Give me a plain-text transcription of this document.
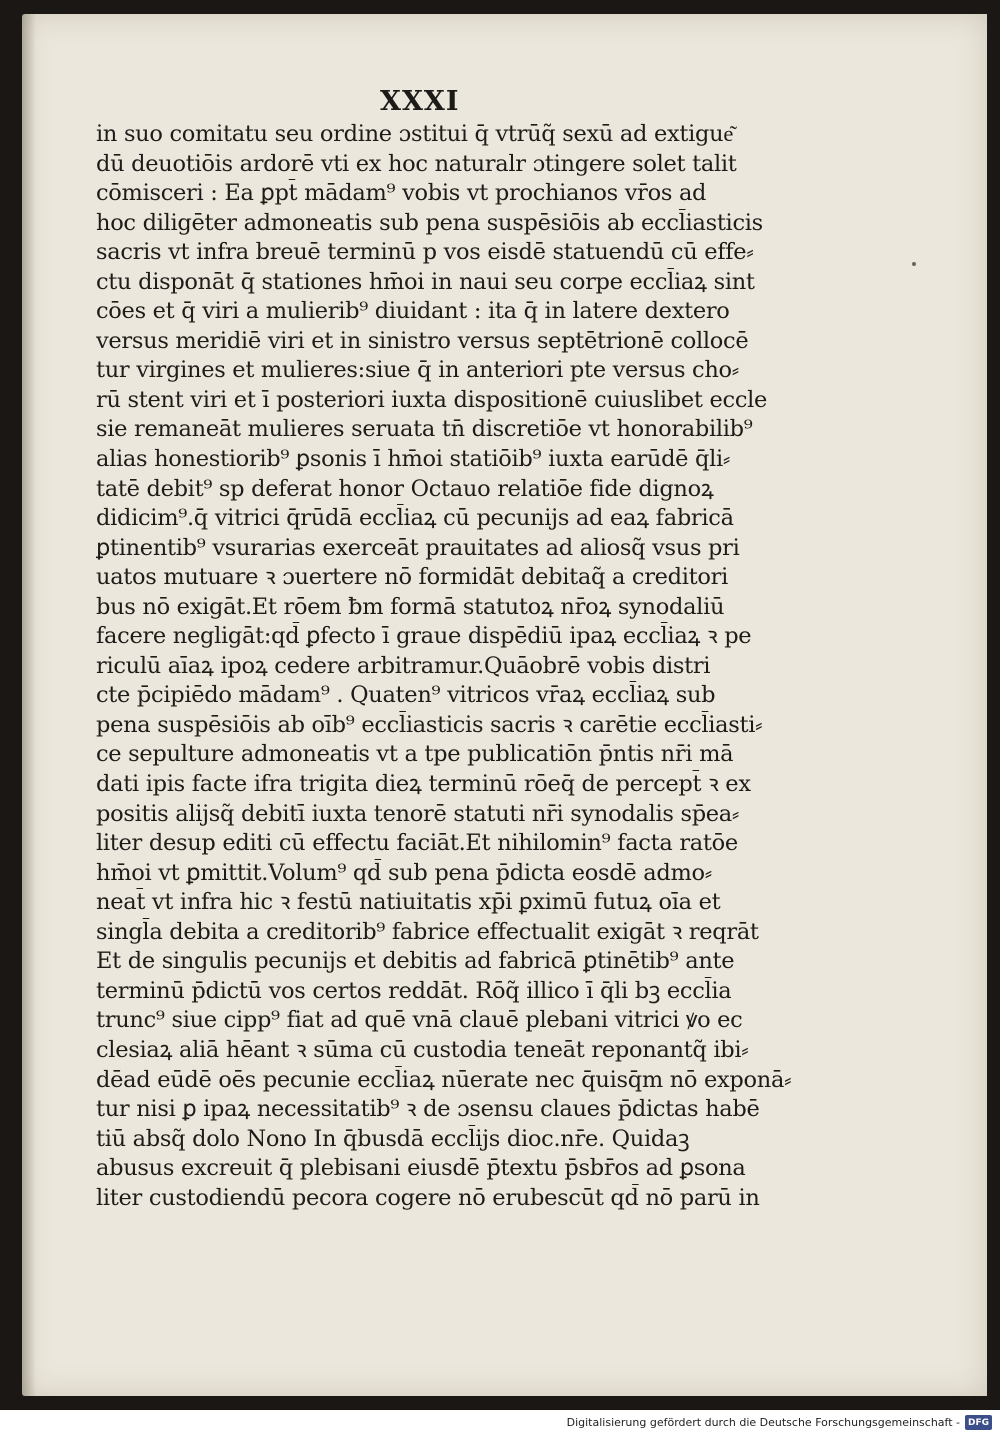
XXXI
in suo comitatu seu ordine ɔstitui q̄ vtrūq̃ sexū ad extigue͂
dū deuotiōis ardorē vti ex hoc naturalr ɔtingere solet talit
cōmisceri : Ea ꝑpt̄ mādam⁹ vobis vt prochianos vr̄os ad
hoc diligēter admoneatis sub pena suspēsiōis ab eccl̄iasticis
sacris vt infra breuē terminū p vos eisdē statuendū cū effe⸗
ctu disponāt q̄ stationes hm̄oi in naui seu corpe eccl̄iaꝝ sint
cōes et q̄ viri a mulierib⁹ diuidant : ita q̄ in latere dextero
versus meridiē viri et in sinistro versus septētrionē collocē
tur virgines et mulieres:siue q̄ in anteriori pte versus cho⸗
rū stent viri et ī posteriori iuxta dispositionē cuiuslibet eccle
sie remaneāt mulieres seruata tn̄ discretiōe vt honorabilib⁹
alias honestiorib⁹ ꝑsonis ī hm̄oi statiōib⁹ iuxta earūdē q̄li⸗
tatē debit⁹ sp deferat honor Octauo relatiōe fide dignoꝝ
didicim⁹.q̄ vitrici q̄rūdā eccl̄iaꝝ cū pecunijs ad eaꝝ fabricā
ꝑtinentib⁹ vsurarias exerceāt prauitates ad aliosq̃ vsus pri
uatos mutuare ꝛ ɔuertere nō formidāt debitaq̃ a creditori
bus nō exigāt.Et rōem ƀm formā statutoꝝ nr̄oꝝ synodaliū
facere negligāt:qd̄ ꝑfecto ī graue dispēdiū ipaꝝ eccl̄iaꝝ ꝛ pe
riculū aīaꝝ ipoꝝ cedere arbitramur.Quāobrē vobis distri
cte p̄cipiēdo mādam⁹ . Quaten⁹ vitricos vr̄aꝝ eccl̄iaꝝ sub
pena suspēsiōis ab oīb⁹ eccl̄iasticis sacris ꝛ carētie eccl̄iasti⸗
ce sepulture admoneatis vt a tpe publicatiōn p̄ntis nr̄i mā
dati ipis facte ifra trigita dieꝝ terminū rōeq̄ de percept̄ ꝛ ex
positis alijsq̃ debitī iuxta tenorē statuti nr̄i synodalis sp̄ea⸗
liter desup editi cū effectu faciāt.Et nihilomin⁹ facta ratōe
hm̄oi vt ꝑmittit.Volum⁹ qd̄ sub pena p̄dicta eosdē admo⸗
neat̄ vt infra hic ꝛ festū natiuitatis xp̄i ꝑximū futuꝝ oīa et
singl̄a debita a creditorib⁹ fabrice effectualit exigāt ꝛ reqrāt
Et de singulis pecunijs et debitis ad fabricā ꝑtinētib⁹ ante
terminū p̄dictū vos certos reddāt. Rōq̃ illico ī q̄li bꝫ eccl̄ia
trunc⁹ siue cipp⁹ fiat ad quē vnā clauē plebani vitrici ꝟo ec
clesiaꝝ aliā hēant ꝛ sūma cū custodia teneāt reponantq̃ ibi⸗
dēad eūdē oēs pecunie eccl̄iaꝝ nūerate nec q̄uisq̄m nō exponā⸗
tur nisi ꝑ ipaꝝ necessitatib⁹ ꝛ de ɔsensu claues p̄dictas habē
tiū absq̃ dolo Nono In q̄busdā eccl̄ijs dioc.nr̄e. Quidaꝫ
abusus excreuit q̄ plebisani eiusdē p̄textu p̄sbr̄os ad ꝑsona
liter custodiendū pecora cogere nō erubescūt qd̄ nō parū in
Digitalisierung gefördert durch die Deutsche Forschungsgemeinschaft - DFG
